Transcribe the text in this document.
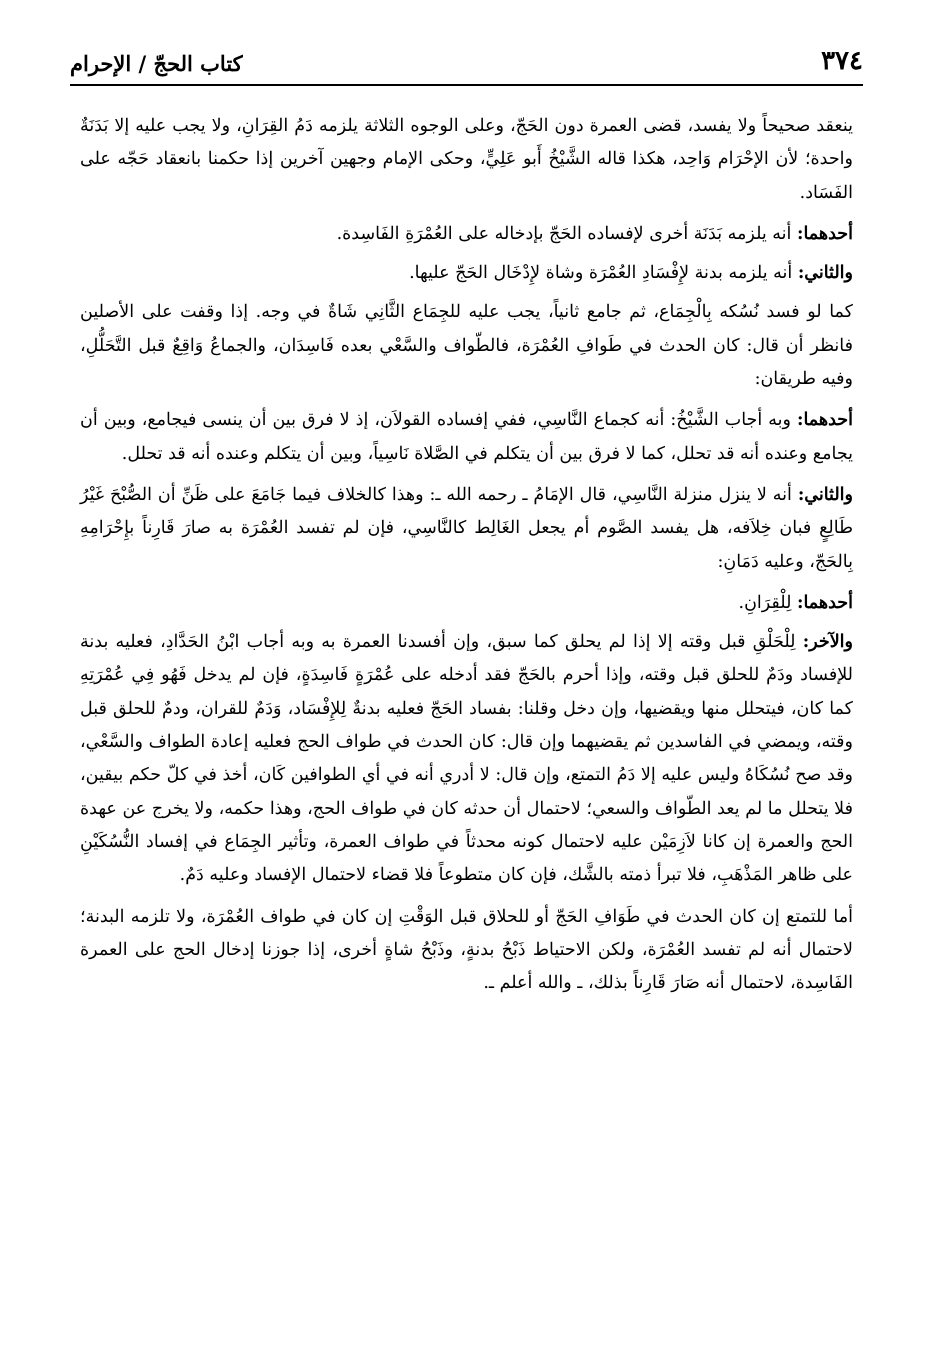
٣٧٤
كتاب الحجّ / الإحرام

ينعقد صحيحاً ولا يفسد، قضى العمرة دون الحَجّ، وعلى الوجوه الثلاثة يلزمه دَمُ القِرَانِ، ولا يجب عليه إلا بَدَنَةٌ واحدة؛ لأن الإحْرَام وَاحِد، هكذا قاله الشَّيْخُ أَبو عَلِيٍّ، وحكى الإمام وجهين آخرين إذا حكمنا بانعقاد حَجّه على الفَسَاد.

أحدهما: أنه يلزمه بَدَنَة أخرى لإفساده الحَجّ بإدخاله على العُمْرَةِ الفَاسِدة.

والثاني: أنه يلزمه بدنة لإِفْسَادِ العُمْرَة وشاة لإِدْخَال الحَجّ عليها.

كما لو فسد نُسُكه بِالْجِمَاع، ثم جامع ثانياً، يجب عليه للجِمَاع الثَّانِي شَاةٌ في وجه. إذا وقفت على الأصلين فانظر أن قال: كان الحدث في طَوافِ العُمْرَة، فالطّواف والسَّعْي بعده فَاسِدَان، والجماعُ وَاقِعٌ قبل التَّحَلُّلِ، وفيه طريقان:

أحدهما: وبه أجاب الشَّيْخُ: أنه كجماع النَّاسِي، ففي إفساده القولاَن، إذ لا فرق بين أن ينسى فيجامع، وبين أن يجامع وعنده أنه قد تحلل، كما لا فرق بين أن يتكلم في الصَّلاة نَاسِياً، وبين أن يتكلم وعنده أنه قد تحلل.

والثاني: أنه لا ينزل منزلة النَّاسِي، قال الإمَامُ ـ رحمه الله ـ: وهذا كالخلاف فيما جَامَعَ على ظَنِّ أن الصُّبْحَ غَيْرُ طَالِعٍ فبان خِلاَفه، هل يفسد الصَّوم أم يجعل الغَالِط كالنَّاسِي، فإن لم تفسد العُمْرَة به صارَ قَارِناً بإِحْرَامِهِ بِالحَجّ، وعليه دَمَانِ:

أحدهما: لِلْقِرَانِ.

والآخر: لِلْحَلْقِ قبل وقته إلا إذا لم يحلق كما سبق، وإن أفسدنا العمرة به وبه أجاب ابْنُ الحَدَّادِ، فعليه بدنة للإفساد ودَمٌ للحلق قبل وقته، وإذا أحرم بالحَجّ فقد أدخله على عُمْرَةٍ فَاسِدَةٍ، فإن لم يدخل فَهُو فِي عُمْرَتِهِ كما كان، فيتحلل منها ويقضيها، وإن دخل وقلنا: بفساد الحَجّ فعليه بدنةٌ لِلإِفْسَاد، وَدَمٌ للقران، ودمٌ للحلق قبل وقته، ويمضي في الفاسدين ثم يقضيهما وإن قال: كان الحدث في طواف الحج فعليه إعادة الطواف والسَّعْي، وقد صح نُسُكَاهُ وليس عليه إلا دَمُ التمتع، وإن قال: لا أدري أنه في أي الطوافين كَان، أخذ في كلّ حكم بيقين، فلا يتحلل ما لم يعد الطّواف والسعي؛ لاحتمال أن حدثه كان في طواف الحج، وهذا حكمه، ولا يخرج عن عهدة الحج والعمرة إن كانا لاَزِمَيْن عليه لاحتمال كونه محدثاً في طواف العمرة، وتأثير الجِمَاع في إفساد النُّسُكَيْنِ على ظاهر المَذْهَبِ، فلا تبرأ ذمته بالشَّك، فإن كان متطوعاً فلا قضاء لاحتمال الإفساد وعليه دَمٌ.

أما للتمتع إن كان الحدث في طَوَافِ الحَجّ أو للحلاق قبل الوَقْتِ إن كان في طواف العُمْرَة، ولا تلزمه البدنة؛ لاحتمال أنه لم تفسد العُمْرَة، ولكن الاحتياط ذَبْحُ بدنةٍ، وذَبْحُ شاةٍ أخرى، إذا جوزنا إدخال الحج على العمرة الفَاسِدة، لاحتمال أنه صَارَ قَارِناً بذلك، ـ والله أعلم ـ.
